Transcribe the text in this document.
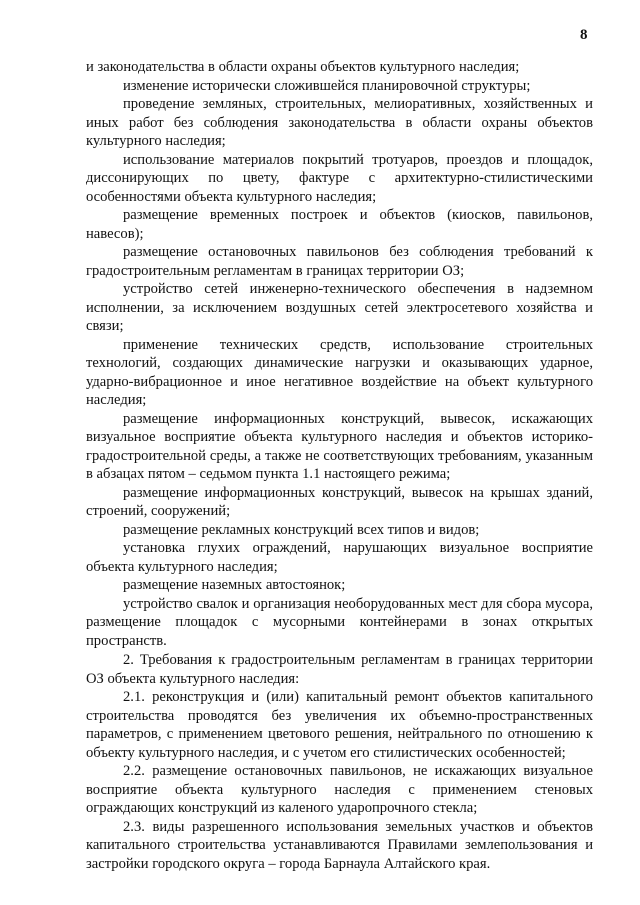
8

и законодательства в области охраны объектов культурного наследия;

изменение исторически сложившейся планировочной структуры;

проведение земляных, строительных, мелиоративных, хозяйственных и иных работ без соблюдения законодательства в области охраны объектов культурного наследия;

использование материалов покрытий тротуаров, проездов и площадок, диссонирующих по цвету, фактуре с архитектурно-стилистическими особенностями объекта культурного наследия;

размещение временных построек и объектов (киосков, павильонов, навесов);

размещение остановочных павильонов без соблюдения требований к градостроительным регламентам в границах территории ОЗ;

устройство сетей инженерно-технического обеспечения в надземном исполнении, за исключением воздушных сетей электросетевого хозяйства и связи;

применение технических средств, использование строительных технологий, создающих динамические нагрузки и оказывающих ударное, ударно-вибрационное и иное негативное воздействие на объект культурного наследия;

размещение информационных конструкций, вывесок, искажающих визуальное восприятие объекта культурного наследия и объектов историко-градостроительной среды, а также не соответствующих требованиям, указанным в абзацах пятом – седьмом пункта 1.1 настоящего режима;

размещение информационных конструкций, вывесок на крышах зданий, строений, сооружений;

размещение рекламных конструкций всех типов и видов;

установка глухих ограждений, нарушающих визуальное восприятие объекта культурного наследия;

размещение наземных автостоянок;

устройство свалок и организация необорудованных мест для сбора мусора, размещение площадок с мусорными контейнерами в зонах открытых пространств.

2. Требования к градостроительным регламентам в границах территории ОЗ объекта культурного наследия:

2.1. реконструкция и (или) капитальный ремонт объектов капитального строительства проводятся без увеличения их объемно-пространственных параметров, с применением цветового решения, нейтрального по отношению к объекту культурного наследия, и с учетом его стилистических особенностей;

2.2. размещение остановочных павильонов, не искажающих визуальное восприятие объекта культурного наследия с применением стеновых ограждающих конструкций из каленого ударопрочного стекла;

2.3. виды разрешенного использования земельных участков и объектов капитального строительства устанавливаются Правилами землепользования и застройки городского округа – города Барнаула Алтайского края.
